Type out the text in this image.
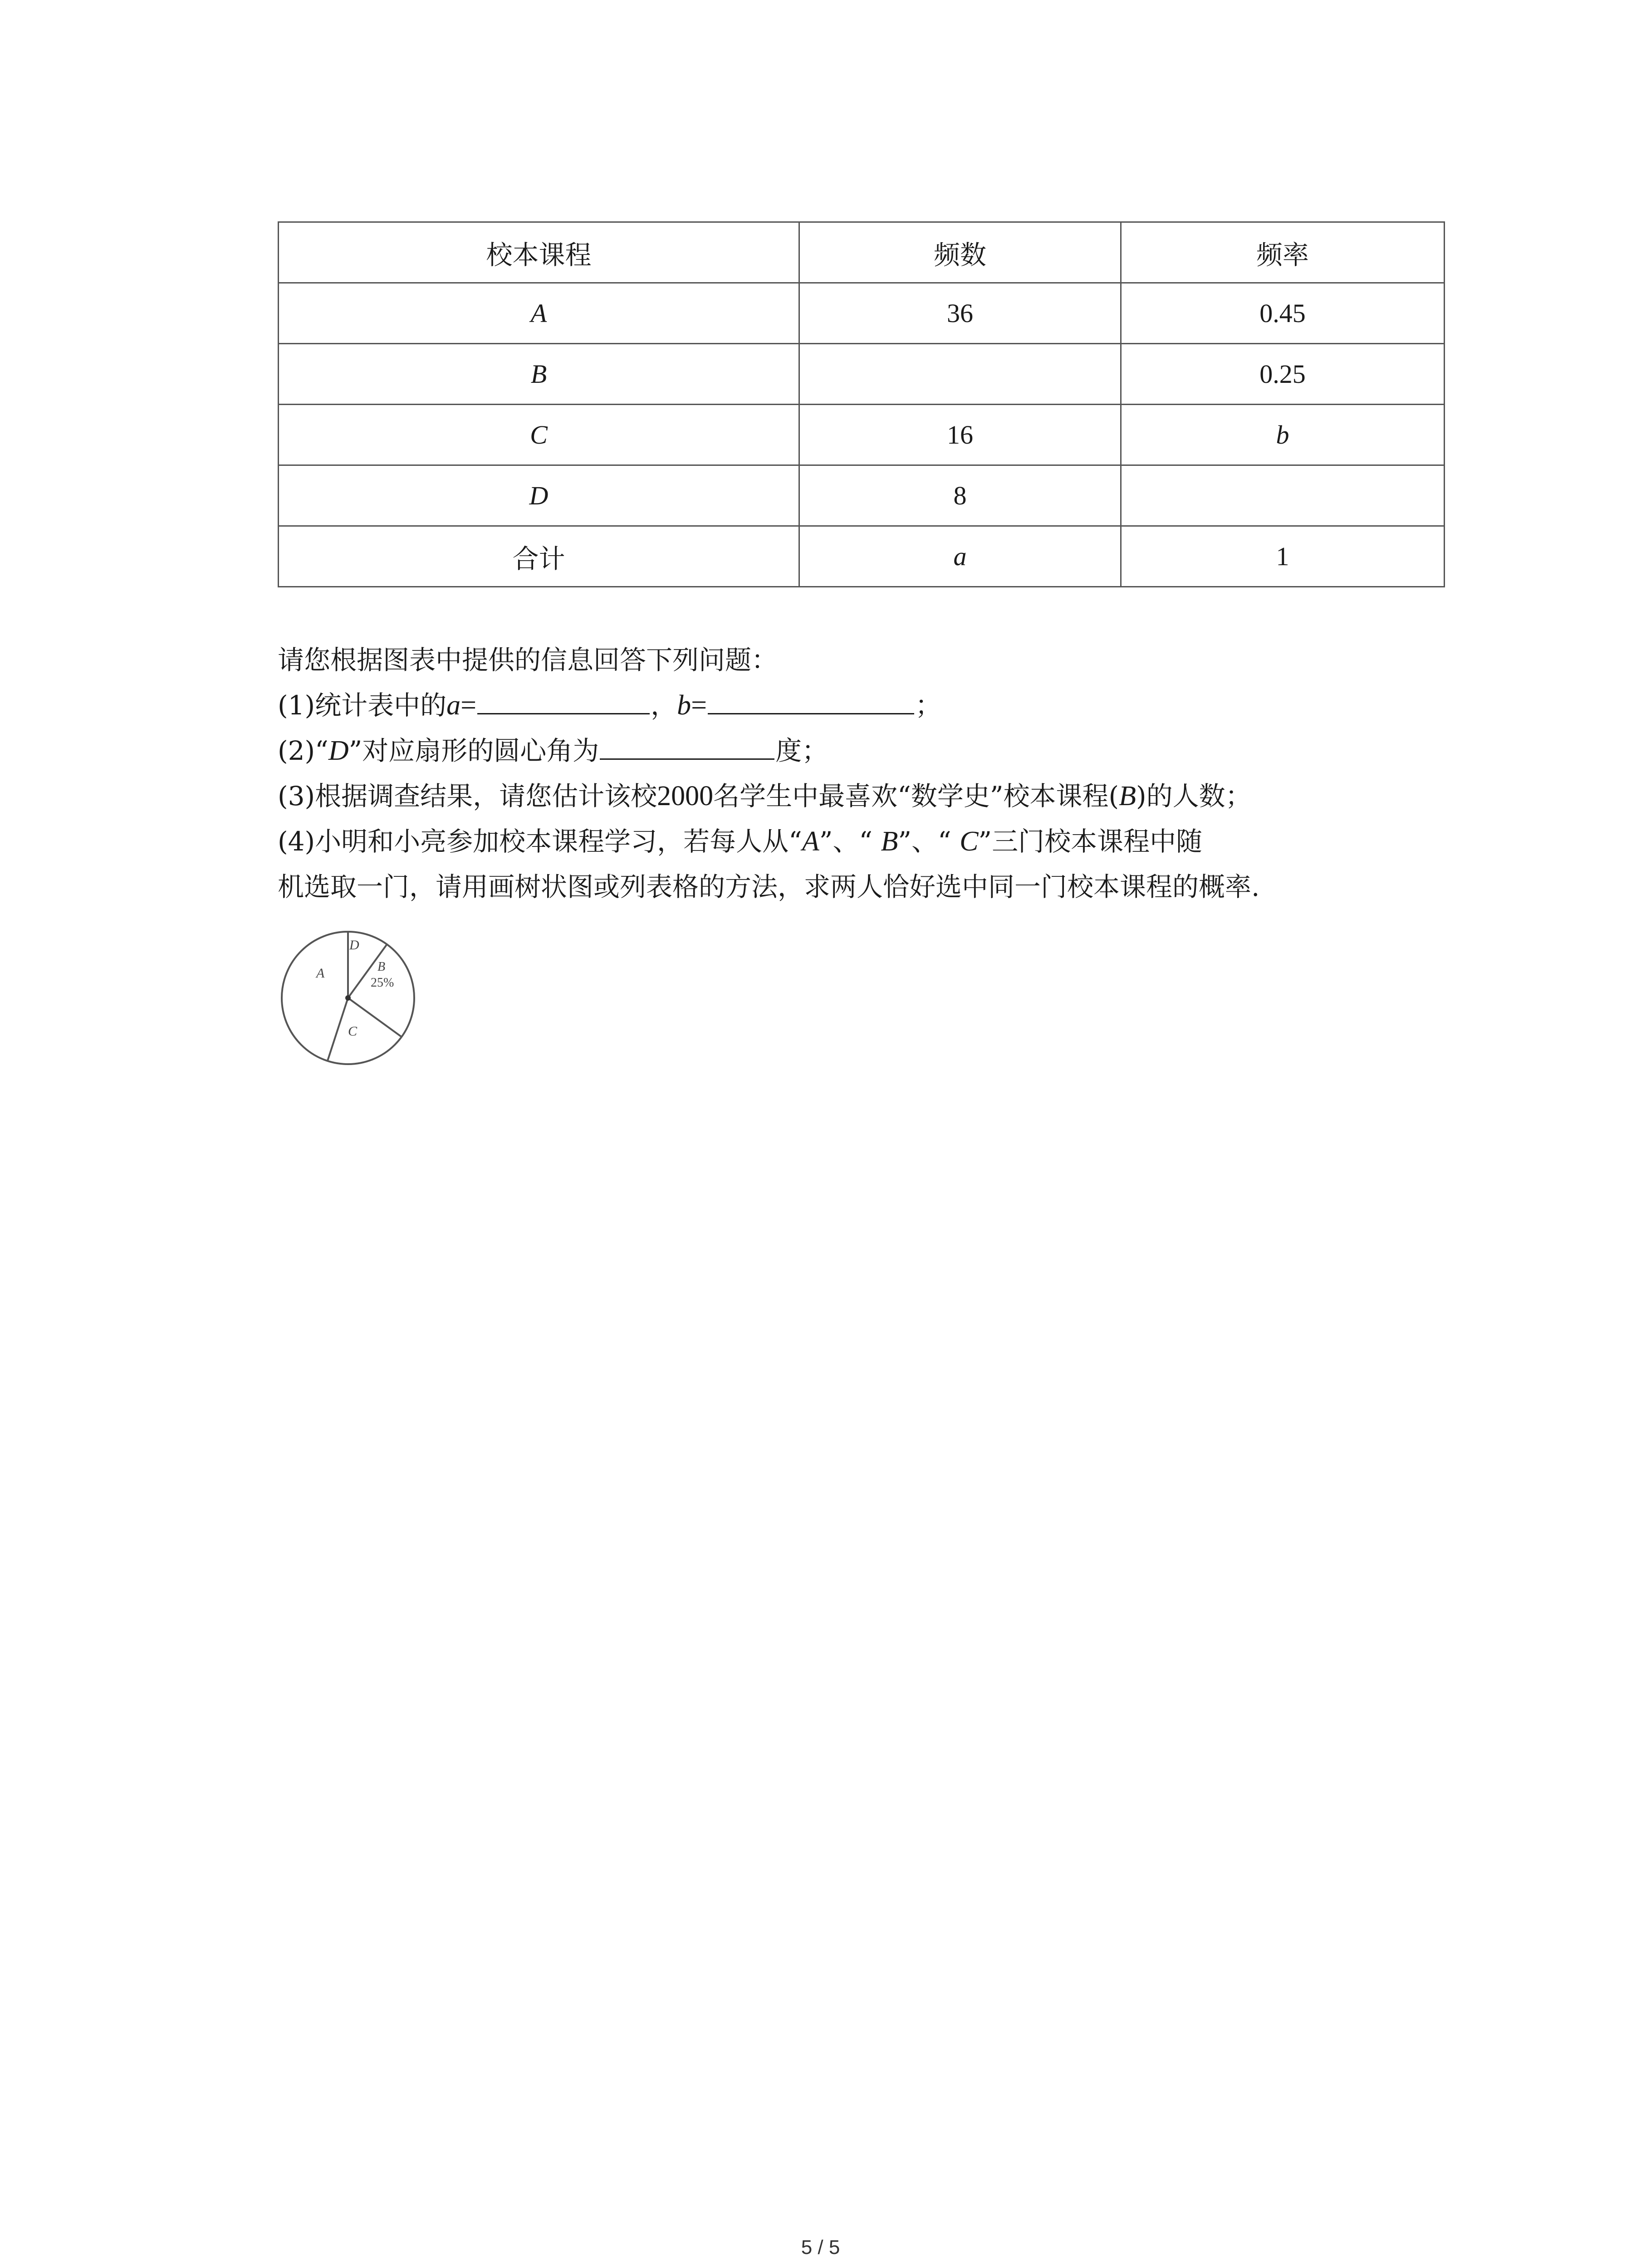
校本课程	频数	频率
A	36	0.45
B		0.25
C	16	b
D	8	
合计	a	1
请您根据图表中提供的信息回答下列问题：
(1)统计表中的a=	，b=	；
(2)“D”对应扇形的圆心角为	度；
(3)根据调查结果，请您估计该校2000名学生中最喜欢“数学史”校本课程(B)的人数；
(4)小明和小亮参加校本课程学习，若每人从“A”、“ B”、“ C”三门校本课程中随
机选取一门，请用画树状图或列表格的方法，求两人恰好选中同一门校本课程的概率.
A	B
25%
C
D
5 / 5
